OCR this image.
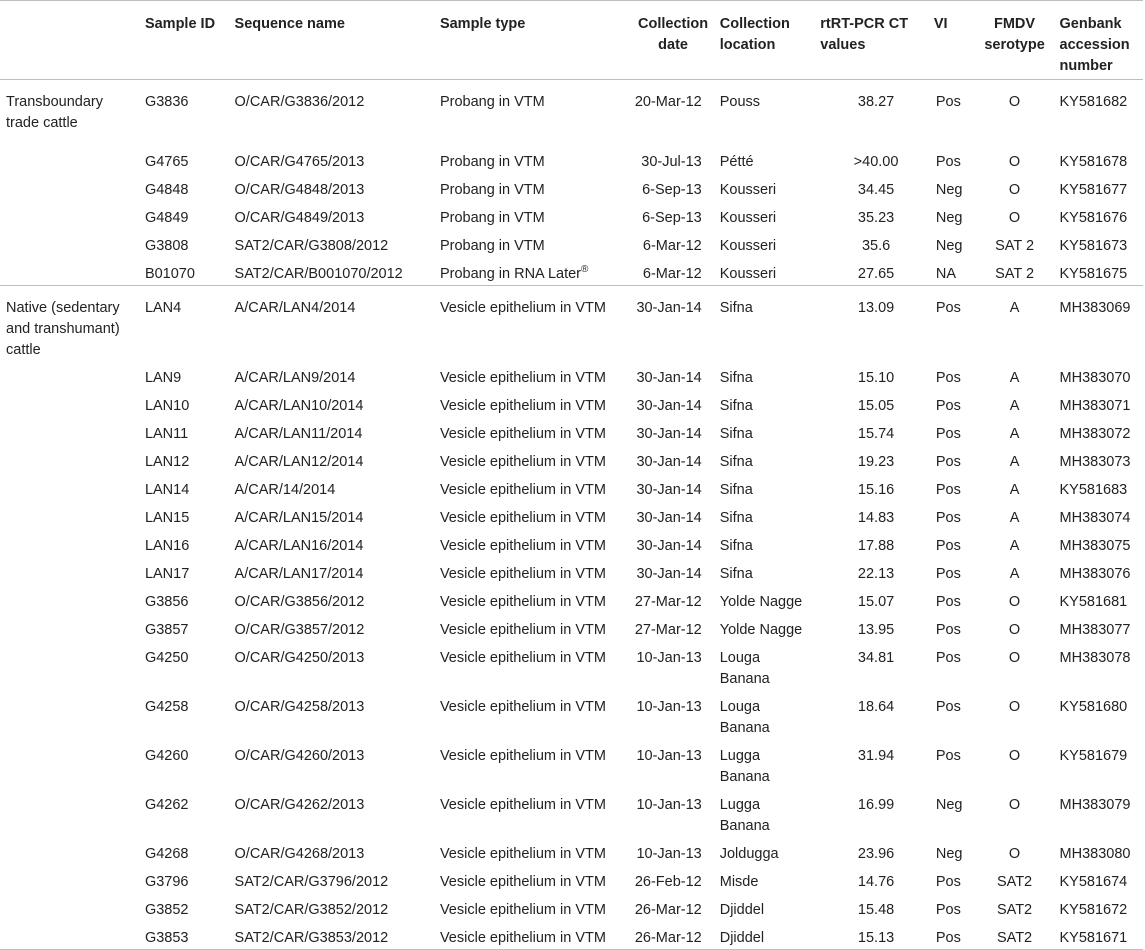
	Sample ID	Sequence name	Sample type	Collection date	Collection location	rtRT-PCR CT values	VI	FMDV serotype	Genbank accession number
Transboundary trade cattle	G3836	O/CAR/G3836/2012	Probang in VTM	20-Mar-12	Pouss	38.27	Pos	O	KY581682
	G4765	O/CAR/G4765/2013	Probang in VTM	30-Jul-13	Pétté	>40.00	Pos	O	KY581678
	G4848	O/CAR/G4848/2013	Probang in VTM	6-Sep-13	Kousseri	34.45	Neg	O	KY581677
	G4849	O/CAR/G4849/2013	Probang in VTM	6-Sep-13	Kousseri	35.23	Neg	O	KY581676
	G3808	SAT2/CAR/G3808/2012	Probang in VTM	6-Mar-12	Kousseri	35.6	Neg	SAT 2	KY581673
	B01070	SAT2/CAR/B001070/2012	Probang in RNA Later®	6-Mar-12	Kousseri	27.65	NA	SAT 2	KY581675
Native (sedentary and transhumant) cattle	LAN4	A/CAR/LAN4/2014	Vesicle epithelium in VTM	30-Jan-14	Sifna	13.09	Pos	A	MH383069
	LAN9	A/CAR/LAN9/2014	Vesicle epithelium in VTM	30-Jan-14	Sifna	15.10	Pos	A	MH383070
	LAN10	A/CAR/LAN10/2014	Vesicle epithelium in VTM	30-Jan-14	Sifna	15.05	Pos	A	MH383071
	LAN11	A/CAR/LAN11/2014	Vesicle epithelium in VTM	30-Jan-14	Sifna	15.74	Pos	A	MH383072
	LAN12	A/CAR/LAN12/2014	Vesicle epithelium in VTM	30-Jan-14	Sifna	19.23	Pos	A	MH383073
	LAN14	A/CAR/14/2014	Vesicle epithelium in VTM	30-Jan-14	Sifna	15.16	Pos	A	KY581683
	LAN15	A/CAR/LAN15/2014	Vesicle epithelium in VTM	30-Jan-14	Sifna	14.83	Pos	A	MH383074
	LAN16	A/CAR/LAN16/2014	Vesicle epithelium in VTM	30-Jan-14	Sifna	17.88	Pos	A	MH383075
	LAN17	A/CAR/LAN17/2014	Vesicle epithelium in VTM	30-Jan-14	Sifna	22.13	Pos	A	MH383076
	G3856	O/CAR/G3856/2012	Vesicle epithelium in VTM	27-Mar-12	Yolde Nagge	15.07	Pos	O	KY581681
	G3857	O/CAR/G3857/2012	Vesicle epithelium in VTM	27-Mar-12	Yolde Nagge	13.95	Pos	O	MH383077
	G4250	O/CAR/G4250/2013	Vesicle epithelium in VTM	10-Jan-13	Louga Banana	34.81	Pos	O	MH383078
	G4258	O/CAR/G4258/2013	Vesicle epithelium in VTM	10-Jan-13	Louga Banana	18.64	Pos	O	KY581680
	G4260	O/CAR/G4260/2013	Vesicle epithelium in VTM	10-Jan-13	Lugga Banana	31.94	Pos	O	KY581679
	G4262	O/CAR/G4262/2013	Vesicle epithelium in VTM	10-Jan-13	Lugga Banana	16.99	Neg	O	MH383079
	G4268	O/CAR/G4268/2013	Vesicle epithelium in VTM	10-Jan-13	Joldugga	23.96	Neg	O	MH383080
	G3796	SAT2/CAR/G3796/2012	Vesicle epithelium in VTM	26-Feb-12	Misde	14.76	Pos	SAT2	KY581674
	G3852	SAT2/CAR/G3852/2012	Vesicle epithelium in VTM	26-Mar-12	Djiddel	15.48	Pos	SAT2	KY581672
	G3853	SAT2/CAR/G3853/2012	Vesicle epithelium in VTM	26-Mar-12	Djiddel	15.13	Pos	SAT2	KY581671
